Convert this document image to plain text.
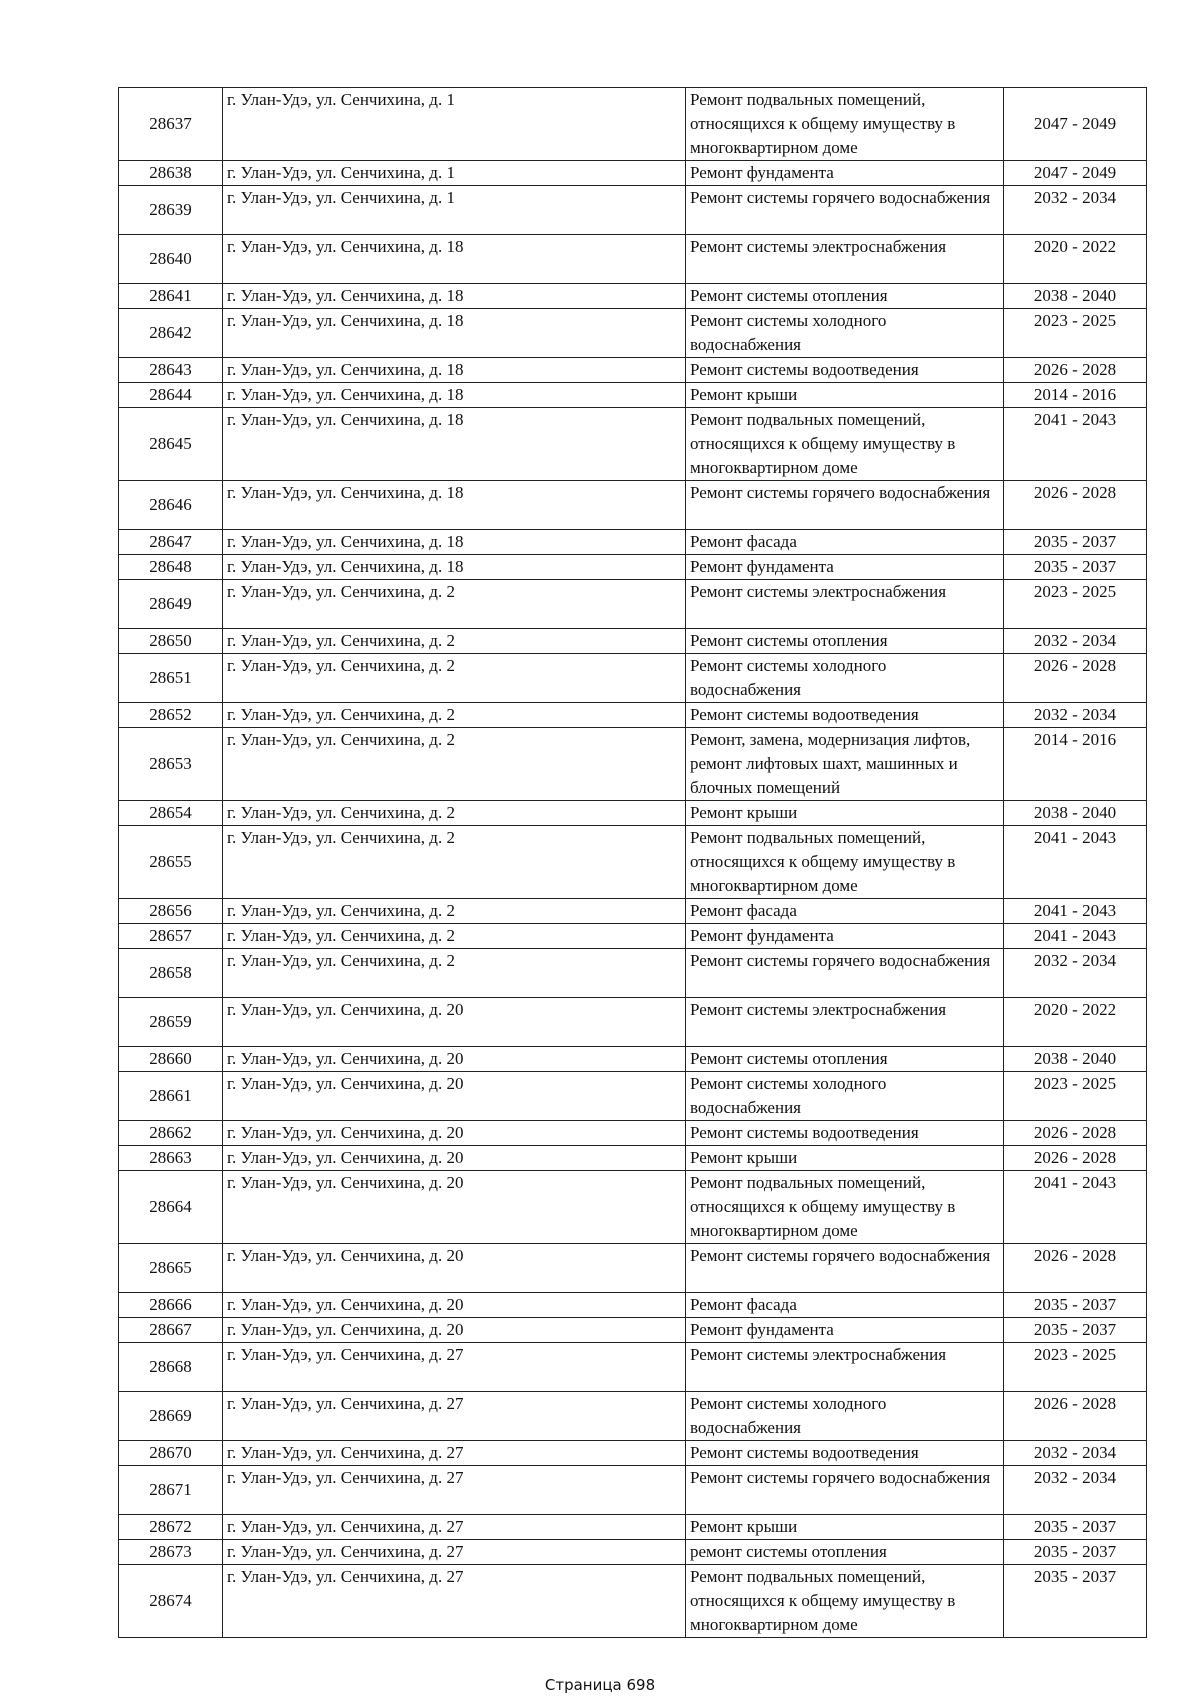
28637	г. Улан-Удэ, ул. Сенчихина, д. 1	Ремонт подвальных помещений, относящихся к общему имуществу в многоквартирном доме	2047 - 2049
28638	г. Улан-Удэ, ул. Сенчихина, д. 1	Ремонт фундамента	2047 - 2049
28639	г. Улан-Удэ, ул. Сенчихина, д. 1	Ремонт системы горячего водоснабжения	2032 - 2034
28640	г. Улан-Удэ, ул. Сенчихина, д. 18	Ремонт системы электроснабжения	2020 - 2022
28641	г. Улан-Удэ, ул. Сенчихина, д. 18	Ремонт системы отопления	2038 - 2040
28642	г. Улан-Удэ, ул. Сенчихина, д. 18	Ремонт системы холодного водоснабжения	2023 - 2025
28643	г. Улан-Удэ, ул. Сенчихина, д. 18	Ремонт системы водоотведения	2026 - 2028
28644	г. Улан-Удэ, ул. Сенчихина, д. 18	Ремонт крыши	2014 - 2016
28645	г. Улан-Удэ, ул. Сенчихина, д. 18	Ремонт подвальных помещений, относящихся к общему имуществу в многоквартирном доме	2041 - 2043
28646	г. Улан-Удэ, ул. Сенчихина, д. 18	Ремонт системы горячего водоснабжения	2026 - 2028
28647	г. Улан-Удэ, ул. Сенчихина, д. 18	Ремонт фасада	2035 - 2037
28648	г. Улан-Удэ, ул. Сенчихина, д. 18	Ремонт фундамента	2035 - 2037
28649	г. Улан-Удэ, ул. Сенчихина, д. 2	Ремонт системы электроснабжения	2023 - 2025
28650	г. Улан-Удэ, ул. Сенчихина, д. 2	Ремонт системы отопления	2032 - 2034
28651	г. Улан-Удэ, ул. Сенчихина, д. 2	Ремонт системы холодного водоснабжения	2026 - 2028
28652	г. Улан-Удэ, ул. Сенчихина, д. 2	Ремонт системы водоотведения	2032 - 2034
28653	г. Улан-Удэ, ул. Сенчихина, д. 2	Ремонт, замена, модернизация лифтов, ремонт лифтовых шахт, машинных и блочных помещений	2014 - 2016
28654	г. Улан-Удэ, ул. Сенчихина, д. 2	Ремонт крыши	2038 - 2040
28655	г. Улан-Удэ, ул. Сенчихина, д. 2	Ремонт подвальных помещений, относящихся к общему имуществу в многоквартирном доме	2041 - 2043
28656	г. Улан-Удэ, ул. Сенчихина, д. 2	Ремонт фасада	2041 - 2043
28657	г. Улан-Удэ, ул. Сенчихина, д. 2	Ремонт фундамента	2041 - 2043
28658	г. Улан-Удэ, ул. Сенчихина, д. 2	Ремонт системы горячего водоснабжения	2032 - 2034
28659	г. Улан-Удэ, ул. Сенчихина, д. 20	Ремонт системы электроснабжения	2020 - 2022
28660	г. Улан-Удэ, ул. Сенчихина, д. 20	Ремонт системы отопления	2038 - 2040
28661	г. Улан-Удэ, ул. Сенчихина, д. 20	Ремонт системы холодного водоснабжения	2023 - 2025
28662	г. Улан-Удэ, ул. Сенчихина, д. 20	Ремонт системы водоотведения	2026 - 2028
28663	г. Улан-Удэ, ул. Сенчихина, д. 20	Ремонт крыши	2026 - 2028
28664	г. Улан-Удэ, ул. Сенчихина, д. 20	Ремонт подвальных помещений, относящихся к общему имуществу в многоквартирном доме	2041 - 2043
28665	г. Улан-Удэ, ул. Сенчихина, д. 20	Ремонт системы горячего водоснабжения	2026 - 2028
28666	г. Улан-Удэ, ул. Сенчихина, д. 20	Ремонт фасада	2035 - 2037
28667	г. Улан-Удэ, ул. Сенчихина, д. 20	Ремонт фундамента	2035 - 2037
28668	г. Улан-Удэ, ул. Сенчихина, д. 27	Ремонт системы электроснабжения	2023 - 2025
28669	г. Улан-Удэ, ул. Сенчихина, д. 27	Ремонт системы холодного водоснабжения	2026 - 2028
28670	г. Улан-Удэ, ул. Сенчихина, д. 27	Ремонт системы водоотведения	2032 - 2034
28671	г. Улан-Удэ, ул. Сенчихина, д. 27	Ремонт системы горячего водоснабжения	2032 - 2034
28672	г. Улан-Удэ, ул. Сенчихина, д. 27	Ремонт крыши	2035 - 2037
28673	г. Улан-Удэ, ул. Сенчихина, д. 27	ремонт системы отопления	2035 - 2037
28674	г. Улан-Удэ, ул. Сенчихина, д. 27	Ремонт подвальных помещений, относящихся к общему имуществу в многоквартирном доме	2035 - 2037
Страница 698
